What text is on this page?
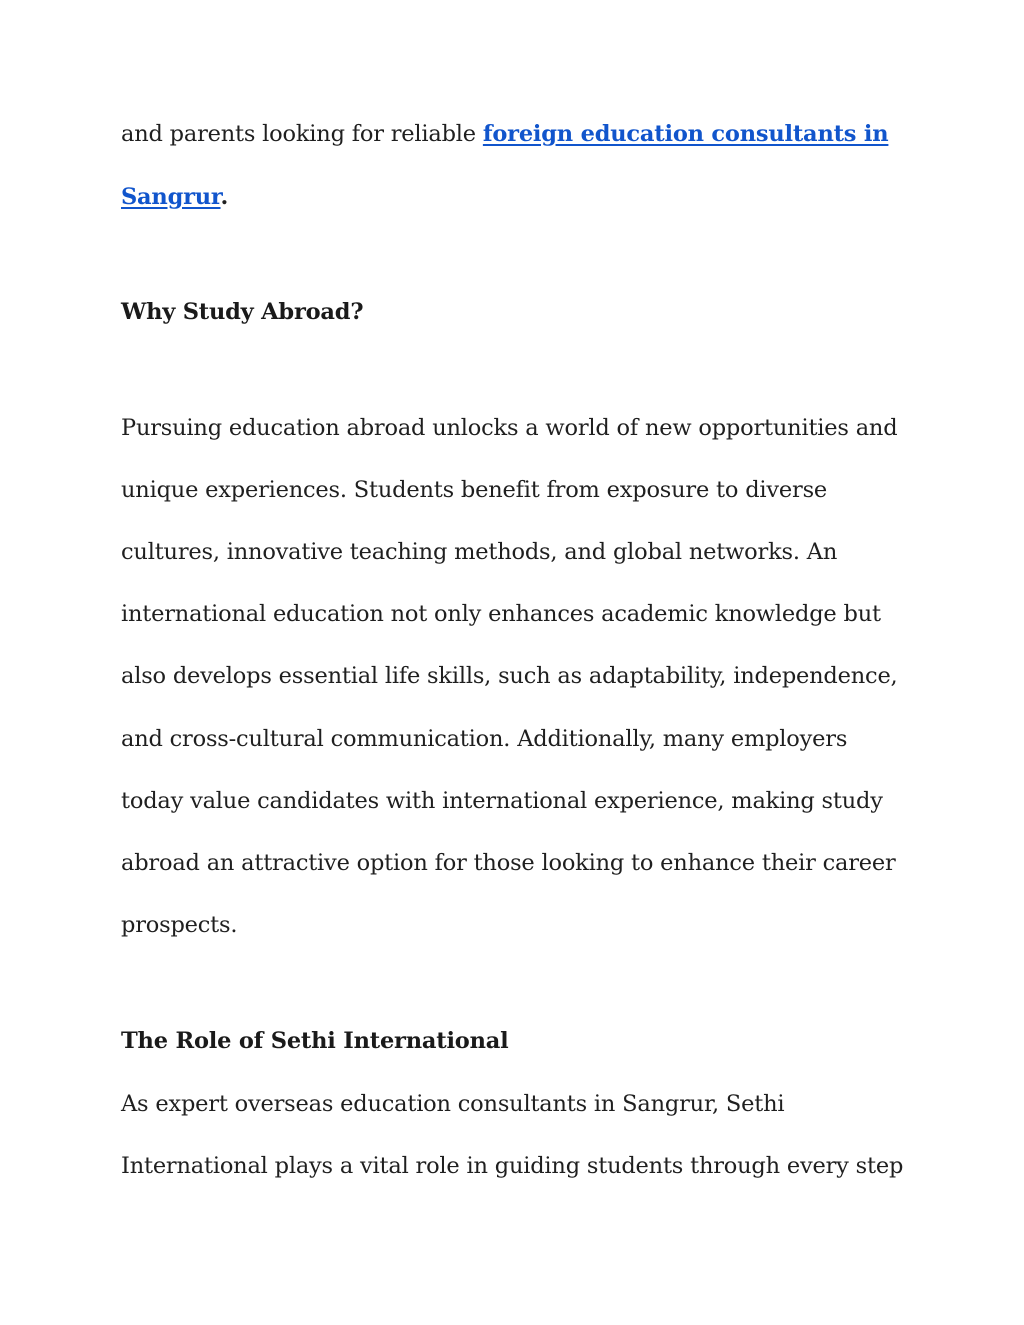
and parents looking for reliable foreign education consultants in

Sangrur.

Why Study Abroad?

Pursuing education abroad unlocks a world of new opportunities and

unique experiences. Students benefit from exposure to diverse

cultures, innovative teaching methods, and global networks. An

international education not only enhances academic knowledge but

also develops essential life skills, such as adaptability, independence,

and cross-cultural communication. Additionally, many employers

today value candidates with international experience, making study

abroad an attractive option for those looking to enhance their career

prospects.

The Role of Sethi International

As expert overseas education consultants in Sangrur, Sethi

International plays a vital role in guiding students through every step
